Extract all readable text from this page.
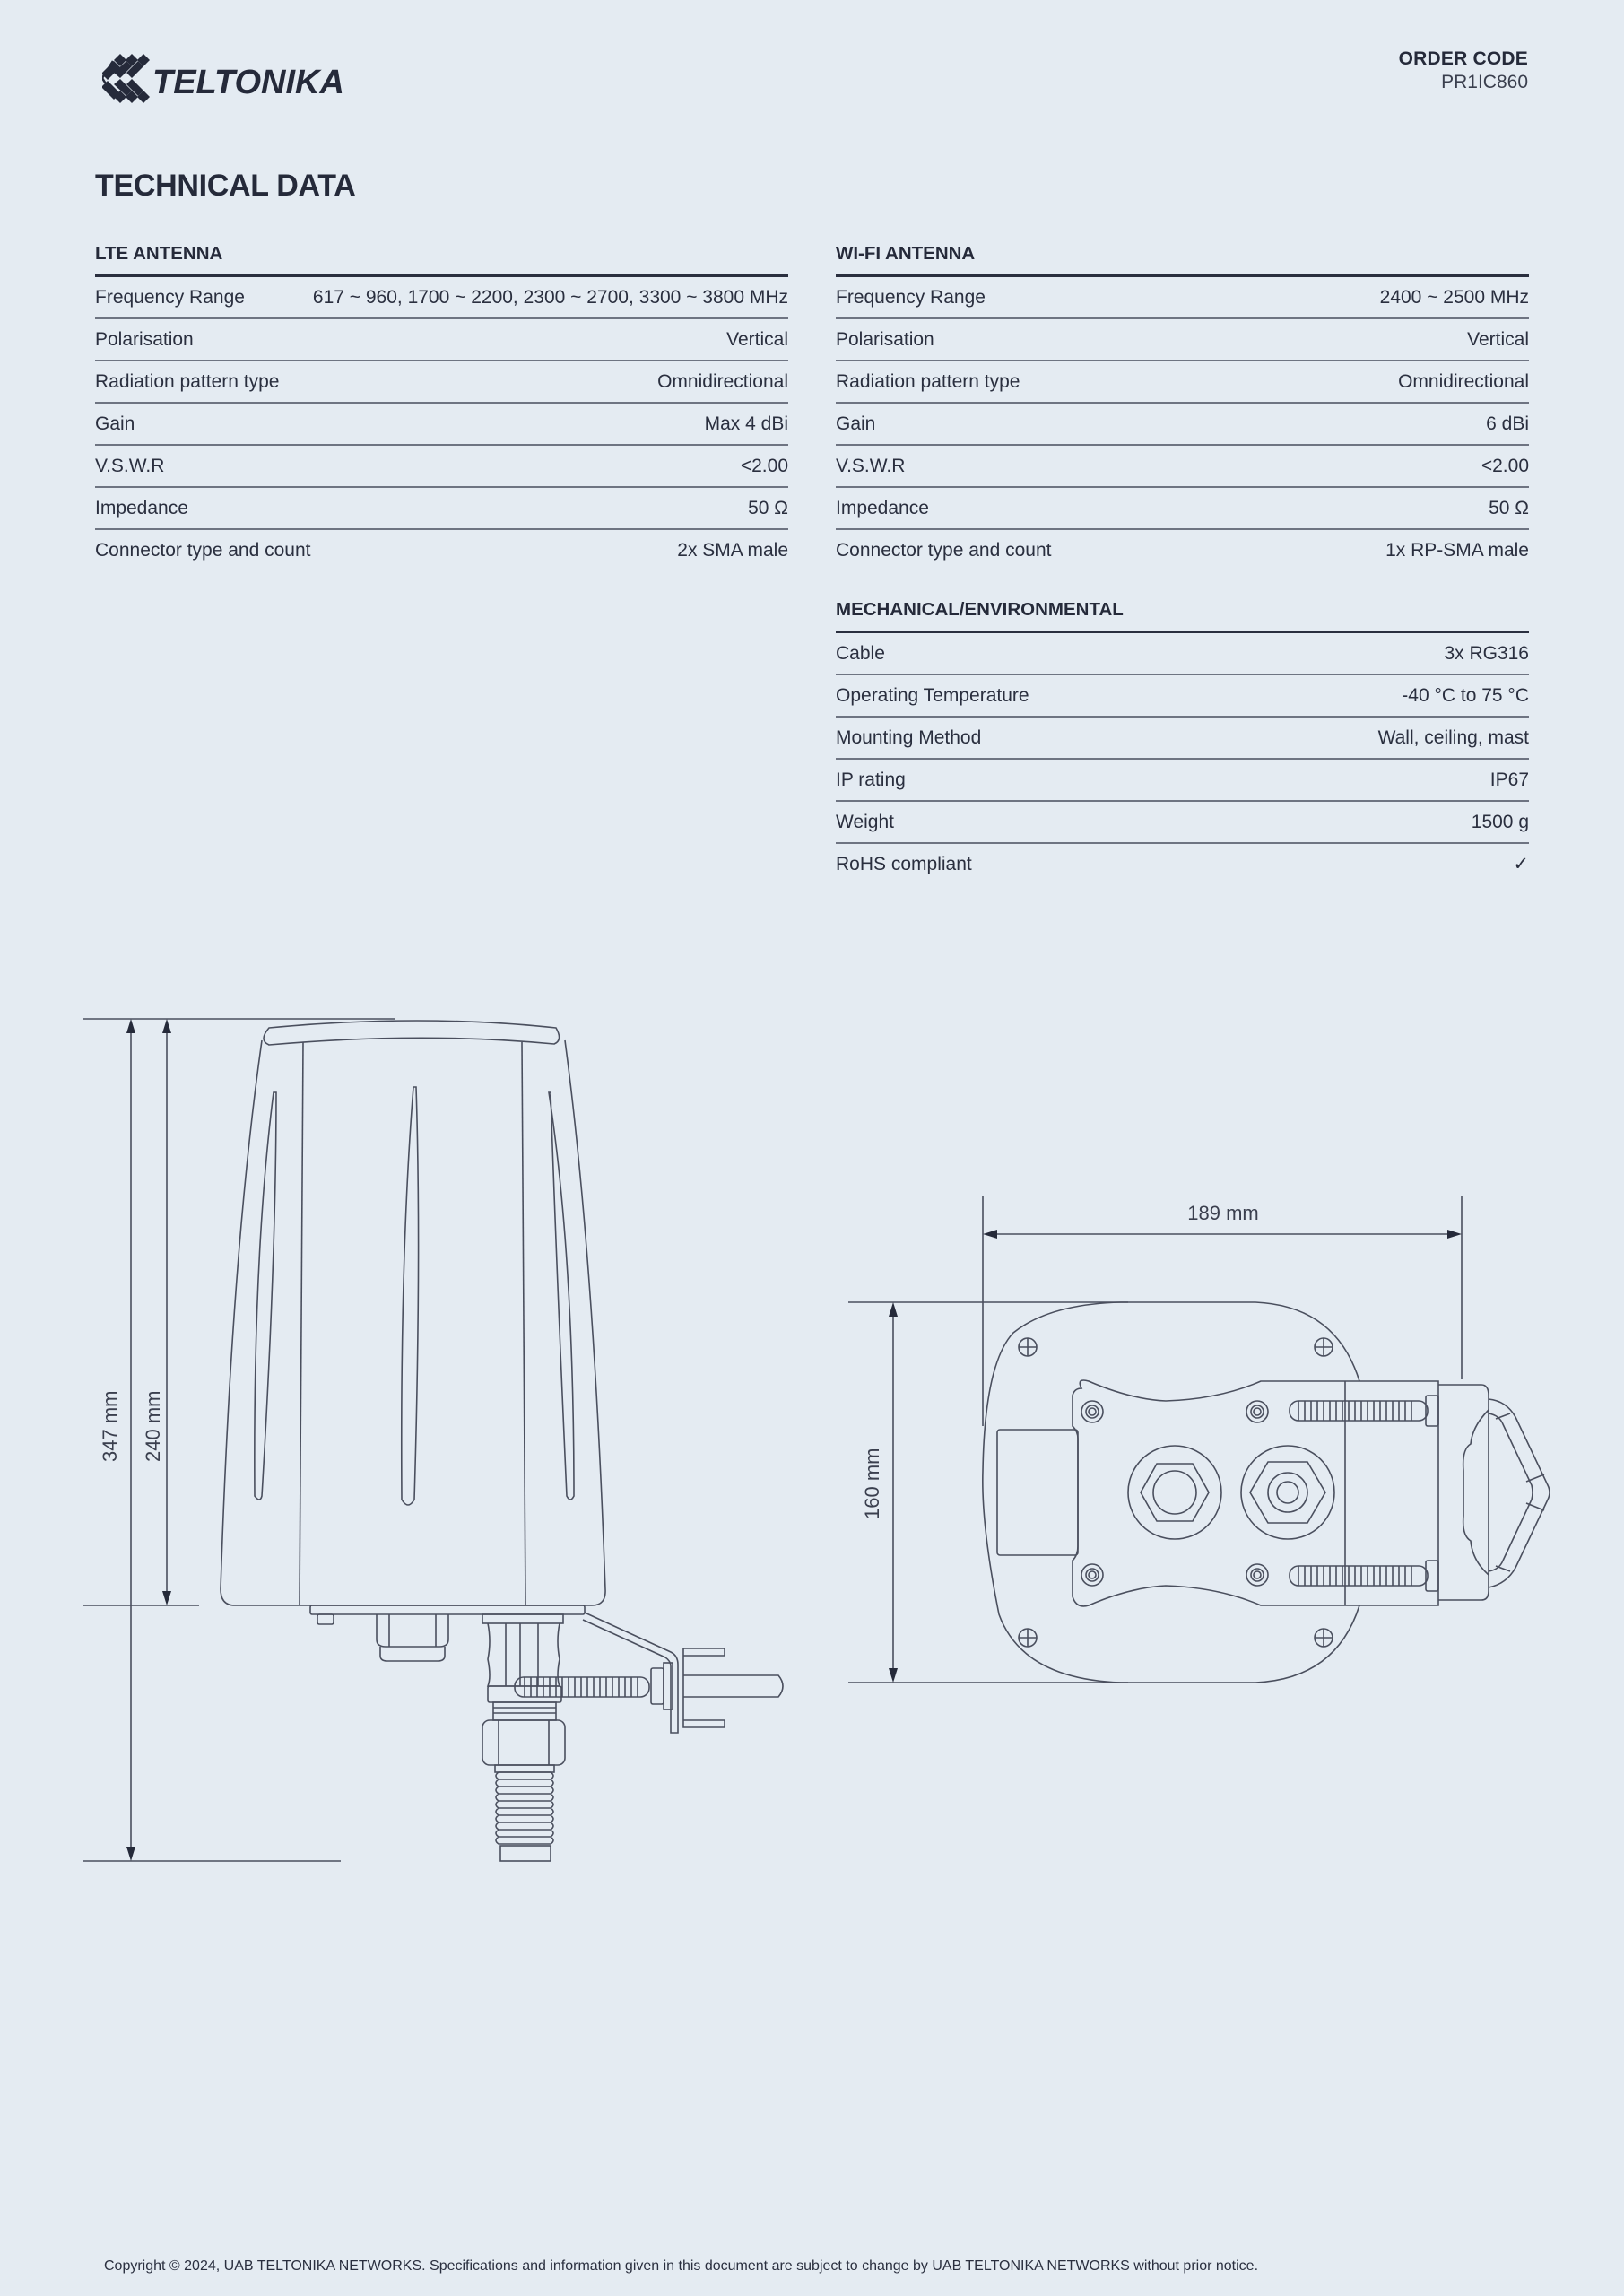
TELTONIKA
ORDER CODE
PR1IC860
TECHNICAL DATA
LTE ANTENNA
Frequency Range	617 ~ 960, 1700 ~ 2200, 2300 ~ 2700, 3300 ~ 3800 MHz
Polarisation	Vertical
Radiation pattern type	Omnidirectional
Gain	Max 4 dBi
V.S.W.R	<2.00
Impedance	50 Ω
Connector type and count	2x SMA male
WI-FI ANTENNA
Frequency Range	2400 ~ 2500 MHz
Polarisation	Vertical
Radiation pattern type	Omnidirectional
Gain	6 dBi
V.S.W.R	<2.00
Impedance	50 Ω
Connector type and count	1x RP-SMA male
MECHANICAL/ENVIRONMENTAL
Cable	3x RG316
Operating Temperature	-40 °C to 75 °C
Mounting Method	Wall, ceiling, mast
IP rating	IP67
Weight	1500 g
RoHS compliant	✓
347 mm 240 mm
189 mm
160 mm
Copyright © 2024, UAB TELTONIKA NETWORKS. Specifications and information given in this document are subject to change by UAB TELTONIKA NETWORKS without prior notice.
